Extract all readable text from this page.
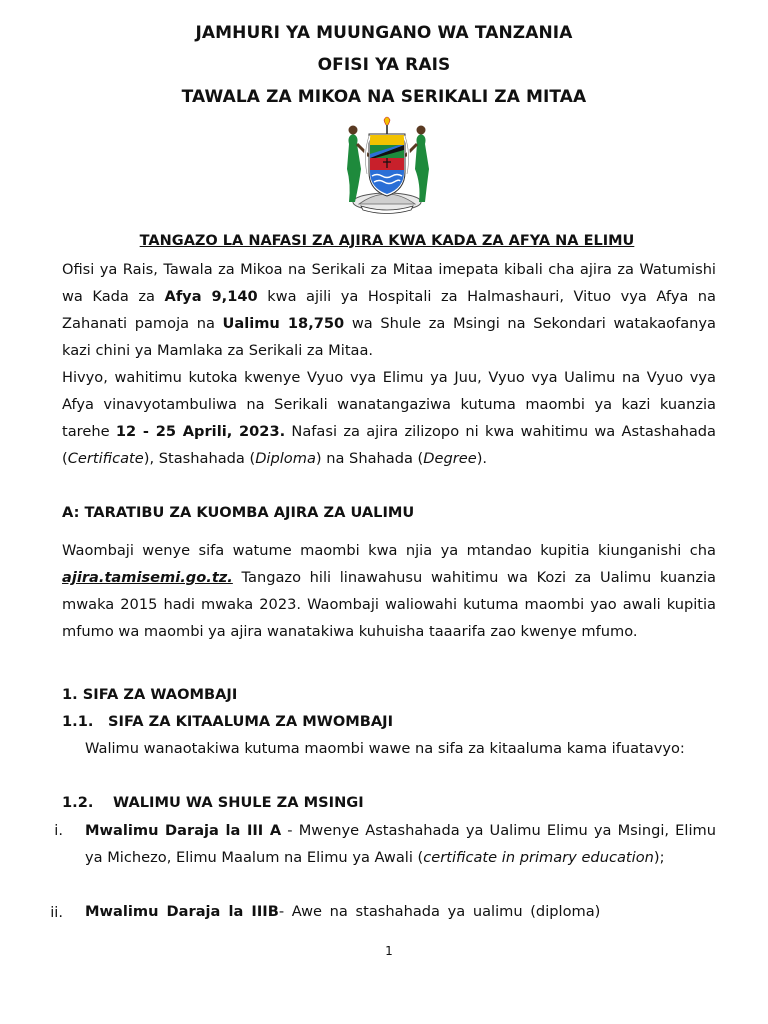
JAMHURI YA MUUNGANO WA TANZANIA
OFISI YA RAIS
TAWALA ZA MIKOA NA SERIKALI ZA MITAA
TANGAZO LA NAFASI ZA AJIRA KWA KADA ZA AFYA NA ELIMU

Ofisi ya Rais, Tawala za Mikoa na Serikali za Mitaa imepata kibali cha ajira za Watumishi wa Kada za Afya 9,140 kwa ajili ya Hospitali za Halmashauri, Vituo vya Afya na Zahanati pamoja na Ualimu 18,750 wa Shule za Msingi na Sekondari watakaofanya kazi chini ya Mamlaka za Serikali za Mitaa.

Hivyo, wahitimu kutoka kwenye Vyuo vya Elimu ya Juu, Vyuo vya Ualimu na Vyuo vya Afya vinavyotambuliwa na Serikali wanatangaziwa kutuma maombi ya kazi kuanzia tarehe 12 - 25 Aprili, 2023. Nafasi za ajira zilizopo ni kwa wahitimu wa Astashahada (Certificate), Stashahada (Diploma) na Shahada (Degree).

A: TARATIBU ZA KUOMBA AJIRA ZA UALIMU

Waombaji wenye sifa watume maombi kwa njia ya mtandao kupitia kiunganishi cha ajira.tamisemi.go.tz. Tangazo hili linawahusu wahitimu wa Kozi za Ualimu kuanzia mwaka 2015 hadi mwaka 2023. Waombaji waliowahi kutuma maombi yao awali kupitia mfumo wa maombi ya ajira wanatakiwa kuhuisha taaarifa zao kwenye mfumo.

1. SIFA ZA WAOMBAJI
1.1. SIFA ZA KITAALUMA ZA MWOMBAJI
Walimu wanaotakiwa kutuma maombi wawe na sifa za kitaaluma kama ifuatavyo:
1.2. WALIMU WA SHULE ZA MSINGI
i. Mwalimu Daraja la III A - Mwenye Astashahada ya Ualimu Elimu ya Msingi, Elimu ya Michezo, Elimu Maalum na Elimu ya Awali (certificate in primary education);

ii. Mwalimu Daraja la IIIB- Awe na stashahada ya ualimu (diploma)

1
